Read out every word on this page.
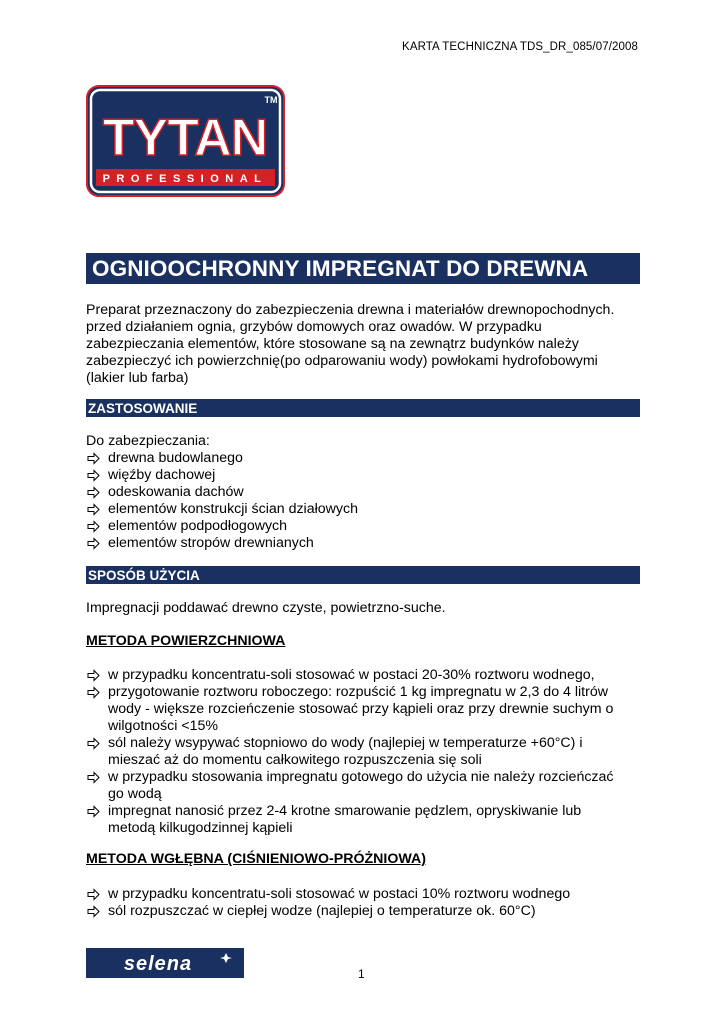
KARTA TECHNICZNA TDS_DR_085/07/2008
TYTAN
TM
PROFESSIONAL
OGNIOOCHRONNY IMPREGNAT DO DREWNA
Preparat przeznaczony do zabezpieczenia drewna i materiałów drewnopochodnych.
przed działaniem ognia, grzybów domowych oraz owadów. W przypadku
zabezpieczania elementów, które stosowane są na zewnątrz budynków należy
zabezpieczyć ich powierzchnię(po odparowaniu wody) powłokami hydrofobowymi
(lakier lub farba)
ZASTOSOWANIE
Do zabezpieczania:
drewna budowlanego
więźby dachowej
odeskowania dachów
elementów konstrukcji ścian działowych
elementów podpodłogowych
elementów stropów drewnianych
SPOSÓB UŻYCIA
Impregnacji poddawać drewno czyste, powietrzno-suche.
METODA POWIERZCHNIOWA
w przypadku koncentratu-soli stosować w postaci 20-30% roztworu wodnego,
przygotowanie roztworu roboczego: rozpuścić 1 kg impregnatu w 2,3 do 4 litrów
wody - większe rozcieńczenie stosować przy kąpieli oraz przy drewnie suchym o
wilgotności <15%
sól należy wsypywać stopniowo do wody (najlepiej w temperaturze +60°C) i
mieszać aż do momentu całkowitego rozpuszczenia się soli
w przypadku stosowania impregnatu gotowego do użycia nie należy rozcieńczać
go wodą
impregnat nanosić przez 2-4 krotne smarowanie pędzlem, opryskiwanie lub
metodą kilkugodzinnej kąpieli
METODA WGŁĘBNA (CIŚNIENIOWO-PRÓŻNIOWA)
w przypadku koncentratu-soli stosować w postaci 10% roztworu wodnego
sól rozpuszczać w ciepłej wodze (najlepiej o temperaturze ok. 60°C)
selena	1
